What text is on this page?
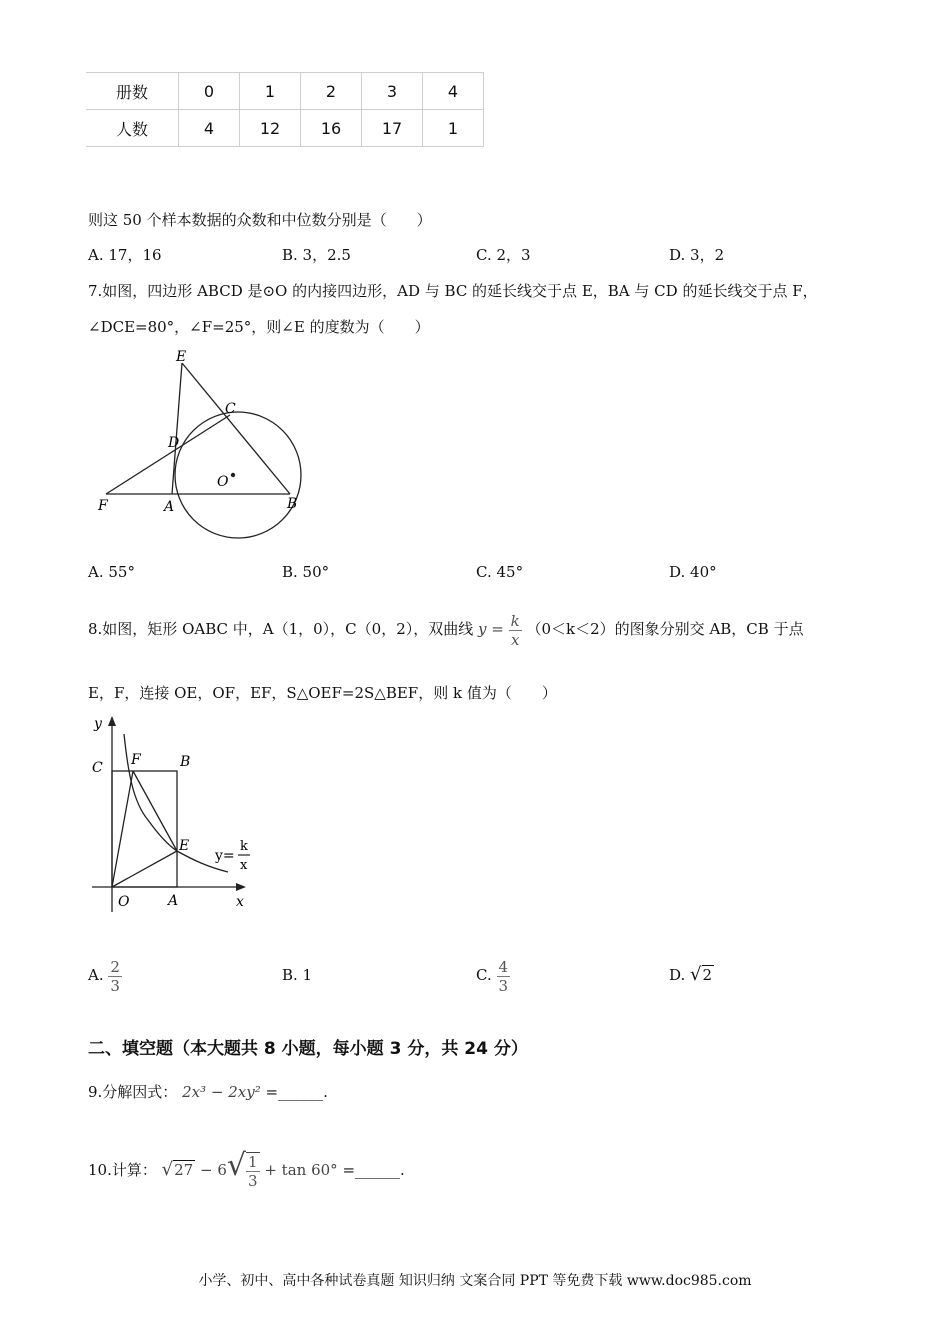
册数	0	1	2	3	4
人数	4	12	16	17	1
则这 50 个样本数据的众数和中位数分别是（　　）
A. 17，16	B. 3，2.5	C. 2，3	D. 3，2
7.如图，四边形 ABCD 是⊙O 的内接四边形，AD 与 BC 的延长线交于点 E，BA 与 CD 的延长线交于点 F，
∠DCE=80°，∠F=25°，则∠E 的度数为（　　）
E
C
D
O
F	A	B
A. 55°	B. 50°	C. 45°	D. 40°
8.如图，矩形 OABC 中，A（1，0），C（0，2），双曲线 $y = \frac{k}{x} (0<k<2)$的图象分别交 AB，CB 于点
E，F，连接 OE，OF，EF，S△OEF=2S△BEF，则 k 值为（　　）
y
C F	B
E
O	A	x
y=
k
x
A. $\frac{2}{3}$	B. 1	C. $\frac{4}{3}$	D. √2
二、填空题（本大题共 8 小题，每小题 3 分，共 24 分）
9.分解因式： 2x³ − 2xy² =______.
10.计算： $√27 - 6√ \frac{1}{3} + \tan 60^\circ$ =______.
小学、初中、高中各种试卷真题 知识归纳 文案合同 PPT 等免费下载 www.doc985.com
